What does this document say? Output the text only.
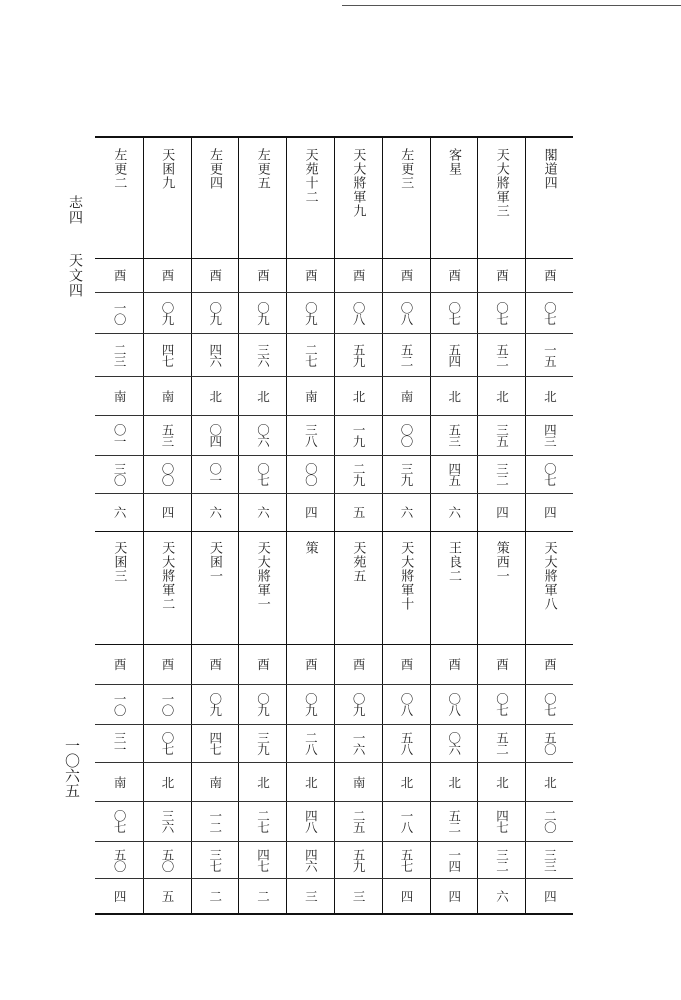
志四天文四
一〇六五
閣道四
酉
〇七
一五
北
四三
〇七
四
天大將軍八
酉
〇七
五〇
北
二〇
三三
四
天大將軍三
酉
〇七
五二
北
三五
三二
四
策西一
酉
〇七
五二
北
四七
三二
六
客星
酉
〇七
五四
北
五三
四五
六
王良二
酉
〇八
〇六
北
五二
一四
四
左更三
酉
〇八
五二
南
〇〇
三九
六
天大將軍十
酉
〇八
五八
北
一八
五七
四
天大將軍九
酉
〇八
五九
北
一九
二九
五
天苑五
酉
〇九
一六
南
二五
五九
三
天苑十二
酉
〇九
二七
南
三八
〇〇
四
策
酉
〇九
二八
北
四八
四六
三
左更五
酉
〇九
三六
北
〇六
〇七
六
天大將軍一
酉
〇九
三九
北
二七
四七
二
左更四
酉
〇九
四六
北
〇四
〇一
六
天囷一
酉
〇九
四七
南
一二
三七
二
天囷九
酉
〇九
四七
南
五三
〇〇
四
天大將軍二
酉
一〇
〇七
北
三六
五〇
五
左更二
酉
一〇
二三
南
〇一
三〇
六
天囷三
酉
一〇
三一
南
〇七
五〇
四
